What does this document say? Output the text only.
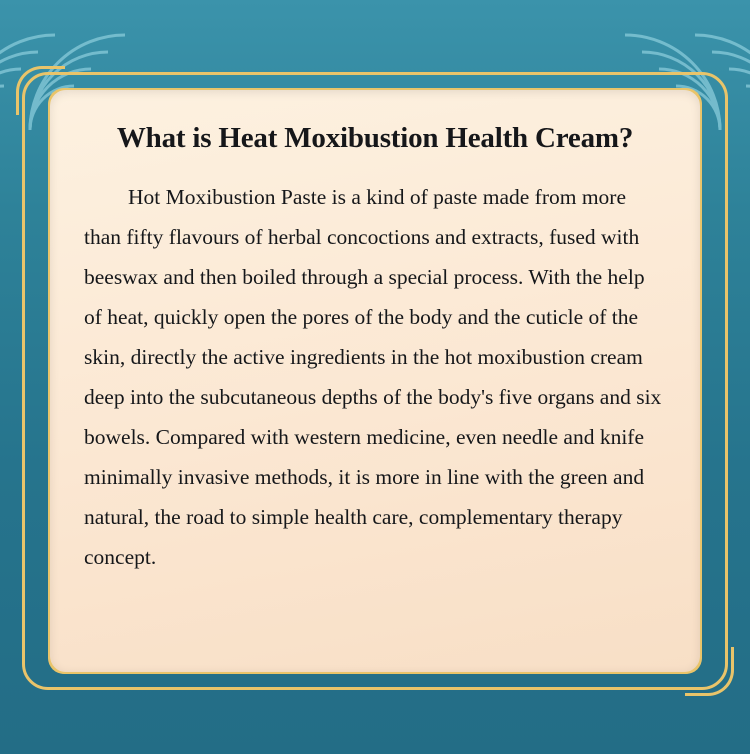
What is Heat Moxibustion Health Cream?

Hot Moxibustion Paste is a kind of paste made from more than fifty flavours of herbal concoctions and extracts, fused with beeswax and then boiled through a special process. With the help of heat, quickly open the pores of the body and the cuticle of the skin, directly the active ingredients in the hot moxibustion cream deep into the subcutaneous depths of the body's five organs and six bowels. Compared with western medicine, even needle and knife minimally invasive methods, it is more in line with the green and natural, the road to simple health care, complementary therapy concept.
